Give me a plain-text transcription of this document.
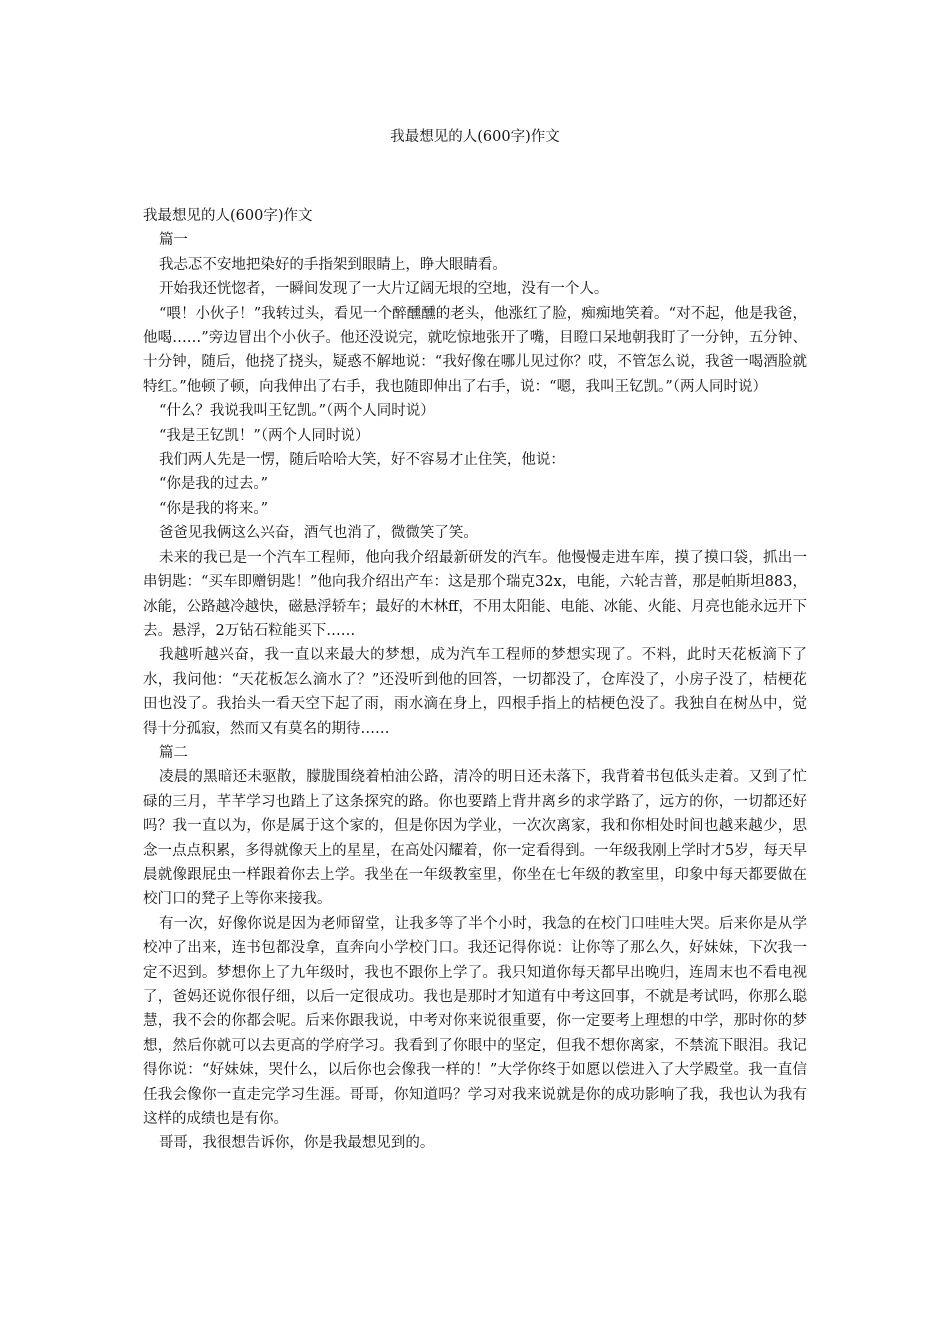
我最想见的人(600字)作文

我最想见的人(600字)作文

篇一

我忐忑不安地把染好的手指架到眼睛上，睁大眼睛看。

开始我还恍惚者，一瞬间发现了一大片辽阔无垠的空地，没有一个人。

“喂！小伙子！”我转过头，看见一个醉醺醺的老头，他涨红了脸，痴痴地笑着。“对不起，他是我爸，他喝……”旁边冒出个小伙子。他还没说完，就吃惊地张开了嘴，目瞪口呆地朝我盯了一分钟，五分钟、十分钟，随后，他挠了挠头，疑惑不解地说：“我好像在哪儿见过你？哎，不管怎么说，我爸一喝酒脸就特红。”他顿了顿，向我伸出了右手，我也随即伸出了右手，说：“嗯，我叫王钇凯。”（两人同时说）

“什么？我说我叫王钇凯。”（两个人同时说）

“我是王钇凯！”（两个人同时说）

我们两人先是一愣，随后哈哈大笑，好不容易才止住笑，他说：

“你是我的过去。”

“你是我的将来。”

爸爸见我俩这么兴奋，酒气也消了，微微笑了笑。

未来的我已是一个汽车工程师，他向我介绍最新研发的汽车。他慢慢走进车库，摸了摸口袋，抓出一串钥匙：“买车即赠钥匙！”他向我介绍出产车：这是那个瑞克32x，电能，六轮吉普，那是帕斯坦883，冰能，公路越冷越快，磁悬浮轿车；最好的木林ff，不用太阳能、电能、冰能、火能、月亮也能永远开下去。悬浮，2万钻石粒能买下……

我越听越兴奋，我一直以来最大的梦想，成为汽车工程师的梦想实现了。不料，此时天花板滴下了水，我问他：“天花板怎么滴水了？”还没听到他的回答，一切都没了，仓库没了，小房子没了，桔梗花田也没了。我抬头一看天空下起了雨，雨水滴在身上，四根手指上的桔梗色没了。我独自在树丛中，觉得十分孤寂，然而又有莫名的期待……

篇二

凌晨的黑暗还未驱散，朦胧围绕着柏油公路，清冷的明日还未落下，我背着书包低头走着。又到了忙碌的三月，芊芊学习也踏上了这条探究的路。你也要踏上背井离乡的求学路了，远方的你，一切都还好吗？我一直以为，你是属于这个家的，但是你因为学业，一次次离家，我和你相处时间也越来越少，思念一点点积累，多得就像天上的星星，在高处闪耀着，你一定看得到。一年级我刚上学时才5岁，每天早晨就像跟屁虫一样跟着你去上学。我坐在一年级教室里，你坐在七年级的教室里，印象中每天都要做在校门口的凳子上等你来接我。

有一次，好像你说是因为老师留堂，让我多等了半个小时，我急的在校门口哇哇大哭。后来你是从学校冲了出来，连书包都没拿，直奔向小学校门口。我还记得你说：让你等了那么久，好妹妹，下次我一定不迟到。梦想你上了九年级时，我也不跟你上学了。我只知道你每天都早出晚归，连周末也不看电视了，爸妈还说你很仔细，以后一定很成功。我也是那时才知道有中考这回事，不就是考试吗，你那么聪慧，我不会的你都会呢。后来你跟我说，中考对你来说很重要，你一定要考上理想的中学，那时你的梦想，然后你就可以去更高的学府学习。我看到了你眼中的坚定，但我不想你离家，不禁流下眼泪。我记得你说：“好妹妹，哭什么，以后你也会像我一样的！”大学你终于如愿以偿进入了大学殿堂。我一直信任我会像你一直走完学习生涯。哥哥，你知道吗？学习对我来说就是你的成功影响了我，我也认为我有这样的成绩也是有你。

哥哥，我很想告诉你，你是我最想见到的。
